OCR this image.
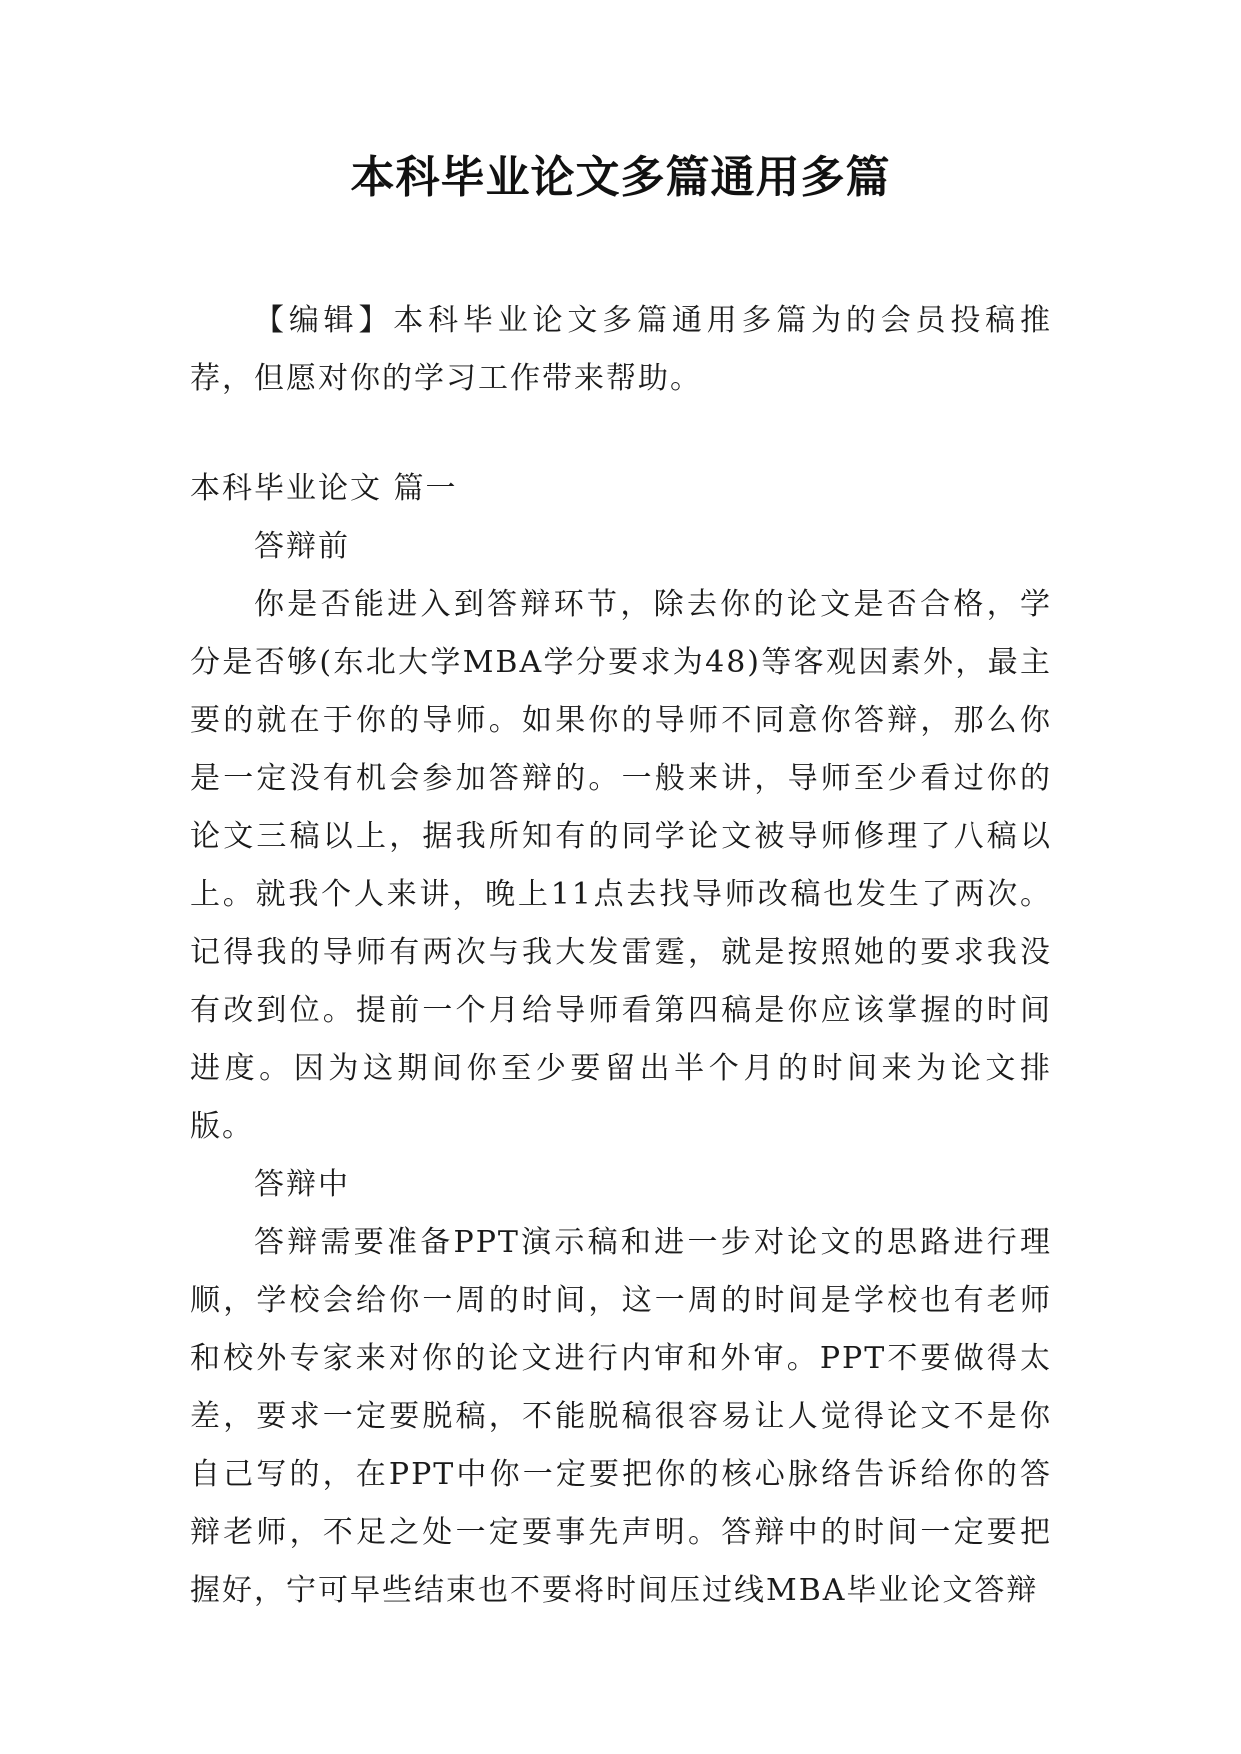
本科毕业论文多篇通用多篇

【编辑】本科毕业论文多篇通用多篇为的会员投稿推荐，但愿对你的学习工作带来帮助。

本科毕业论文 篇一

答辩前

你是否能进入到答辩环节，除去你的论文是否合格，学分是否够(东北大学MBA学分要求为48)等客观因素外，最主要的就在于你的导师。如果你的导师不同意你答辩，那么你是一定没有机会参加答辩的。一般来讲，导师至少看过你的论文三稿以上，据我所知有的同学论文被导师修理了八稿以上。就我个人来讲，晚上11点去找导师改稿也发生了两次。记得我的导师有两次与我大发雷霆，就是按照她的要求我没有改到位。提前一个月给导师看第四稿是你应该掌握的时间进度。因为这期间你至少要留出半个月的时间来为论文排版。

答辩中

答辩需要准备PPT演示稿和进一步对论文的思路进行理顺，学校会给你一周的时间，这一周的时间是学校也有老师和校外专家来对你的论文进行内审和外审。PPT不要做得太差，要求一定要脱稿，不能脱稿很容易让人觉得论文不是你自己写的，在PPT中你一定要把你的核心脉络告诉给你的答辩老师，不足之处一定要事先声明。答辩中的时间一定要把握好，宁可早些结束也不要将时间压过线MBA毕业论文答辩
